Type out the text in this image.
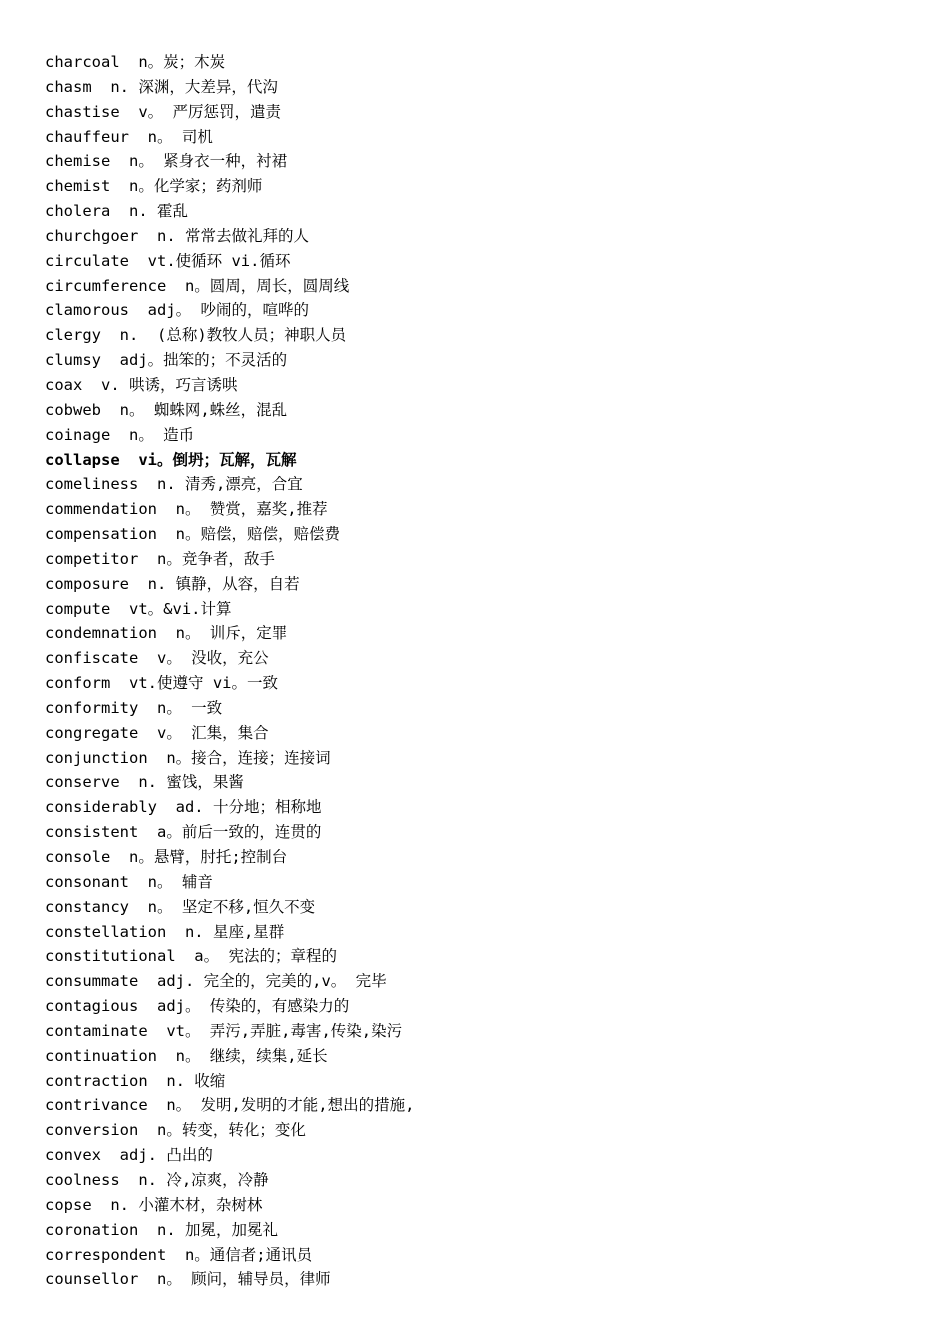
charcoal  n。炭；木炭
chasm  n. 深渊，大差异，代沟
chastise  v。 严厉惩罚，遣责
chauffeur  n。 司机
chemise  n。 紧身衣一种，衬裙
chemist  n。化学家；药剂师
cholera  n. 霍乱
churchgoer  n. 常常去做礼拜的人
circulate  vt.使循环 vi.循环
circumference  n。圆周，周长，圆周线
clamorous  adj。 吵闹的，喧哗的
clergy  n.  (总称)教牧人员；神职人员
clumsy  adj。拙笨的；不灵活的
coax  v. 哄诱，巧言诱哄
cobweb  n。 蜘蛛网,蛛丝，混乱
coinage  n。 造币
collapse  vi。倒坍；瓦解，瓦解
comeliness  n. 清秀,漂亮，合宜
commendation  n。 赞赏，嘉奖,推荐
compensation  n。赔偿，赔偿，赔偿费
competitor  n。竞争者，敌手
composure  n. 镇静，从容，自若
compute  vt。&vi.计算
condemnation  n。 训斥，定罪
confiscate  v。 没收，充公
conform  vt.使遵守 vi。一致
conformity  n。 一致
congregate  v。 汇集，集合
conjunction  n。接合，连接；连接词
conserve  n. 蜜饯，果酱
considerably  ad. 十分地；相称地
consistent  a。前后一致的，连贯的
console  n。悬臂，肘托;控制台
consonant  n。 辅音
constancy  n。 坚定不移,恒久不变
constellation  n. 星座,星群
constitutional  a。 宪法的；章程的
consummate  adj. 完全的，完美的,v。 完毕
contagious  adj。 传染的，有感染力的
contaminate  vt。 弄污,弄脏,毒害,传染,染污
continuation  n。 继续，续集,延长
contraction  n. 收缩
contrivance  n。 发明,发明的才能,想出的措施,
conversion  n。转变，转化；变化
convex  adj. 凸出的
coolness  n. 冷,凉爽，冷静
copse  n. 小灌木材，杂树林
coronation  n. 加冕，加冕礼
correspondent  n。通信者;通讯员
counsellor  n。 顾问，辅导员，律师
